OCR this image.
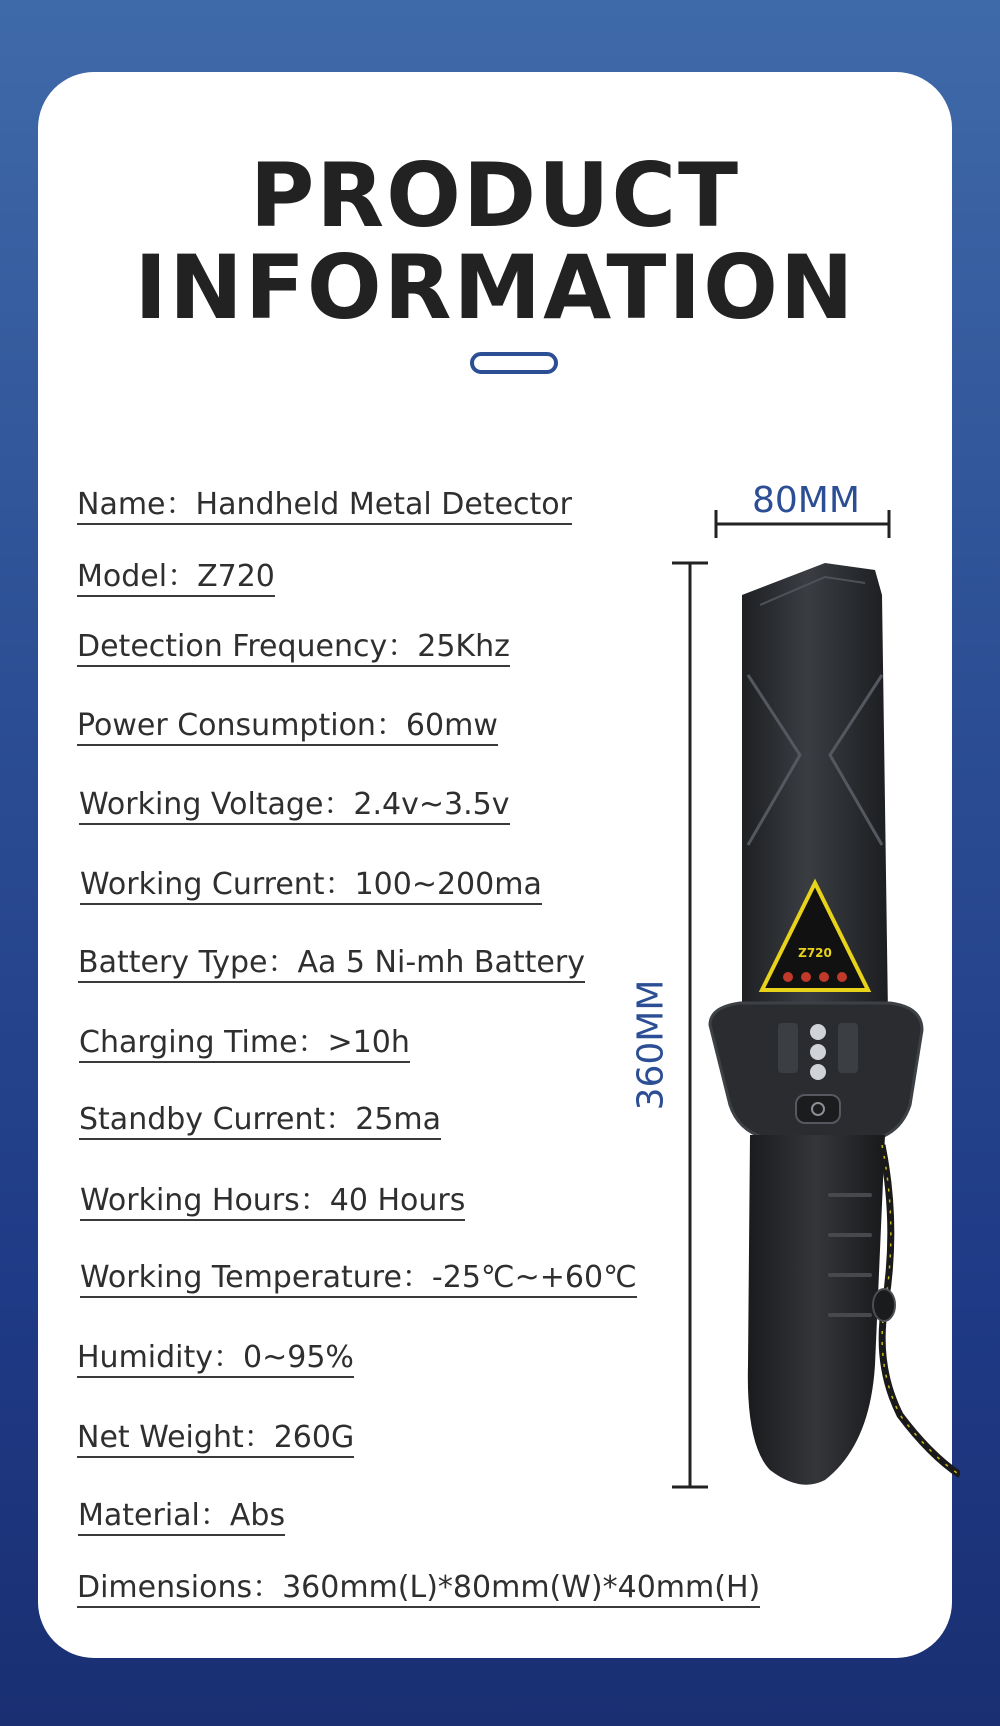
PRODUCT
INFORMATION
Name：Handheld Metal Detector
Model：Z720
Detection Frequency：25Khz
Power Consumption：60mw
Working Voltage：2.4v~3.5v
Working Current：100~200ma
Battery Type：Aa 5 Ni-mh Battery
Charging Time：>10h
Standby Current：25ma
Working Hours：40 Hours
Working Temperature：-25℃~+60℃
Humidity：0~95%
Net Weight：260G
Material：Abs
Dimensions：360mm(L)*80mm(W)*40mm(H)
80MM
360MM
Z720
